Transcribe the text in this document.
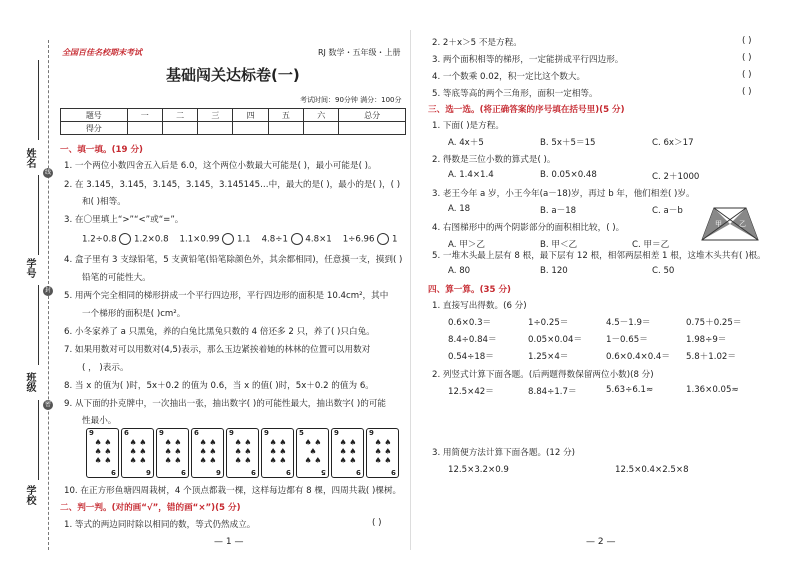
姓名
学号
班级
学校
线
封
密
全国百佳名校期末考试	RJ 数学・五年级・上册
基础闯关达标卷(一)
考试时间：90分钟 满分：100分
题号	一	二	三	四	五	六	总分
得分							
一、填一填。(19 分)
1. 一个两位小数四舍五入后是 6.0，这个两位小数最大可能是( )，最小可能是( )。
2. 在 3.145，3.145，3.145，3.145，3.145145…中，最大的是( )，最小的是( )，( )
和( )相等。
3. 在〇里填上“>”“<”或“=”。
1.2÷0.8 1.2×0.8 1.1×0.99 1.1 4.8÷1 4.8×1 1÷6.96 1
4. 盒子里有 3 支绿铅笔，5 支黄铅笔(铅笔除颜色外，其余都相同)，任意摸一支，摸到( )
铅笔的可能性大。
5. 用两个完全相同的梯形拼成一个平行四边形，平行四边形的面积是 10.4cm²，其中
一个梯形的面积是( )cm²。
6. 小冬家养了 a 只黑兔，养的白兔比黑兔只数的 4 倍还多 2 只，养了( )只白兔。
7. 如果用数对可以用数对(4,5)表示，那么玉边紧挨着她的林林的位置可以用数对
( ， )表示。
8. 当 x 的值为( )时，5x＋0.2 的值为 0.6，当 x 的值( )时，5x＋0.2 的值为 6。
9. 从下面的扑克牌中，一次抽出一张，抽出数字( )的可能性最大，抽出数字( )的可能
性最小。
9
♠ ♠
♠ ♠
♠ ♠
9
6
♠ ♠
♠ ♠
♠ ♠
6
9
♠ ♠
♠ ♠
♠ ♠
9
6
♠ ♠
♠ ♠
♠ ♠
6
9
♠ ♠
♠ ♠
♠ ♠
9
9
♠ ♠
♠ ♠
♠ ♠
9
5
♠ ♠
♠
♠ ♠
5
9
♠ ♠
♠ ♠
♠ ♠
9
9
♠ ♠
♠ ♠
♠ ♠
9
10. 在正方形鱼塘四周栽树，4 个顶点都栽一棵，这样每边都有 8 棵，四周共栽( )棵树。
二、判一判。(对的画“√”，错的画“×”)(5 分)
1. 等式的两边同时除以相同的数，等式仍然成立。	( )
— 1 —
2. 2＋x＞5 不是方程。	( )
3. 两个面积相等的梯形，一定能拼成平行四边形。	( )
4. 一个数乘 0.02，积一定比这个数大。	( )
5. 等底等高的两个三角形，面积一定相等。	( )
三、选一选。(将正确答案的序号填在括号里)(5 分)
1. 下面( )是方程。
A. 4x＋5	B. 5x＋5＝15	C. 6x＞17
2. 得数是三位小数的算式是( )。
A. 1.4×1.4	B. 0.05×0.48	C. 2＋1000
3. 老王今年 a 岁，小王今年(a－18)岁，再过 b 年，他们相差( )岁。
A. 18	B. a－18	C. a－b
4. 右图梯形中的两个阴影部分的面积相比较，( )。
A. 甲＞乙	B. 甲＜乙	C. 甲＝乙
甲 乙
5. 一堆木头最上层有 8 根，最下层有 12 根，相邻两层相差 1 根，这堆木头共有( )根。
A. 80	B. 120	C. 50
四、算一算。(35 分)
1. 直接写出得数。(6 分)
0.6×0.3＝	1÷0.25＝	4.5－1.9＝	0.75＋0.25＝
8.4÷0.84＝	0.05×0.04＝	1－0.65＝	1.98÷9＝
0.54÷18＝	1.25×4＝	0.6×0.4×0.4＝ 5.8＋1.02＝
2. 列竖式计算下面各题。(后两题得数保留两位小数)(8 分)
12.5×42＝	8.84÷1.7＝	5.63÷6.1≈	1.36×0.05≈
3. 用简便方法计算下面各题。(12 分)
12.5×3.2×0.9	12.5×0.4×2.5×8
— 2 —
